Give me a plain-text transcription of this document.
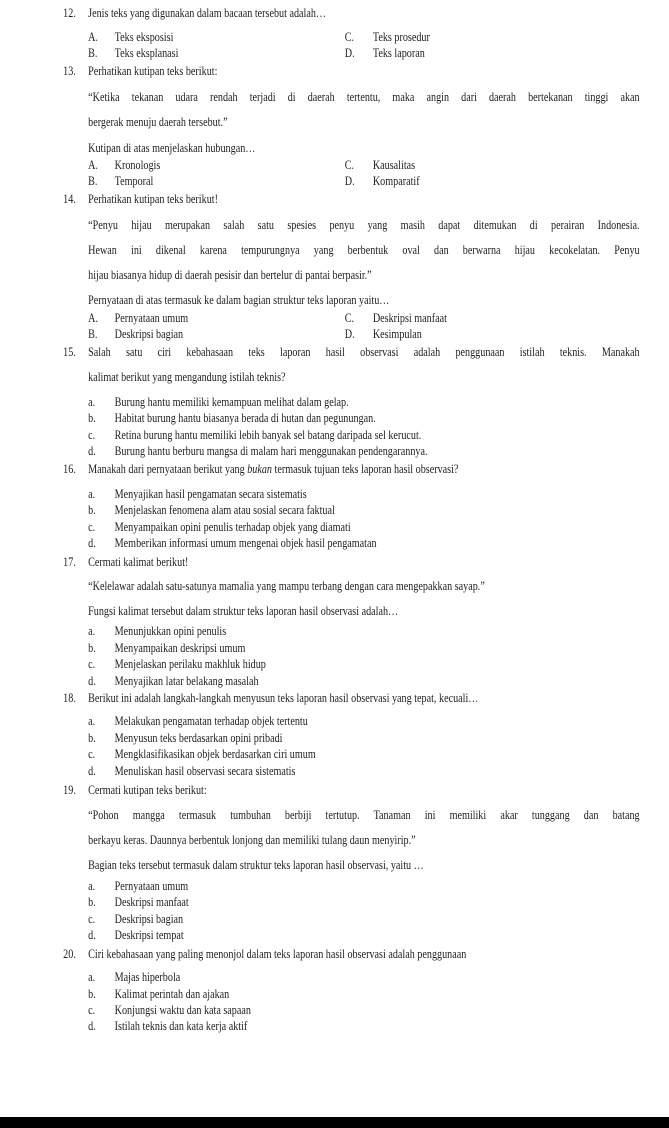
12. Jenis teks yang digunakan dalam bacaan tersebut adalah…
A. Teks eksposisi	C. Teks prosedur
B. Teks eksplanasi	D. Teks laporan
13. Perhatikan kutipan teks berikut:
“Ketika tekanan udara rendah terjadi di daerah tertentu, maka angin dari daerah bertekanan tinggi akan
bergerak menuju daerah tersebut.”
Kutipan di atas menjelaskan hubungan…
A. Kronologis	C. Kausalitas
B. Temporal	D. Komparatif
14. Perhatikan kutipan teks berikut!
“Penyu hijau merupakan salah satu spesies penyu yang masih dapat ditemukan di perairan Indonesia.
Hewan ini dikenal karena tempurungnya yang berbentuk oval dan berwarna hijau kecokelatan. Penyu
hijau biasanya hidup di daerah pesisir dan bertelur di pantai berpasir.”
Pernyataan di atas termasuk ke dalam bagian struktur teks laporan yaitu…
A. Pernyataan umum	C. Deskripsi manfaat
B. Deskripsi bagian	D. Kesimpulan
15. Salah satu ciri kebahasaan teks laporan hasil observasi adalah penggunaan istilah teknis. Manakah
kalimat berikut yang mengandung istilah teknis?
a. Burung hantu memiliki kemampuan melihat dalam gelap.
b. Habitat burung hantu biasanya berada di hutan dan pegunungan.
c. Retina burung hantu memiliki lebih banyak sel batang daripada sel kerucut.
d. Burung hantu berburu mangsa di malam hari menggunakan pendengarannya.
16. Manakah dari pernyataan berikut yang bukan termasuk tujuan teks laporan hasil observasi?
a. Menyajikan hasil pengamatan secara sistematis
b. Menjelaskan fenomena alam atau sosial secara faktual
c. Menyampaikan opini penulis terhadap objek yang diamati
d. Memberikan informasi umum mengenai objek hasil pengamatan
17. Cermati kalimat berikut!
“Kelelawar adalah satu-satunya mamalia yang mampu terbang dengan cara mengepakkan sayap.”
Fungsi kalimat tersebut dalam struktur teks laporan hasil observasi adalah…
a. Menunjukkan opini penulis
b. Menyampaikan deskripsi umum
c. Menjelaskan perilaku makhluk hidup
d. Menyajikan latar belakang masalah
18. Berikut ini adalah langkah-langkah menyusun teks laporan hasil observasi yang tepat, kecuali…
a. Melakukan pengamatan terhadap objek tertentu
b. Menyusun teks berdasarkan opini pribadi
c. Mengklasifikasikan objek berdasarkan ciri umum
d. Menuliskan hasil observasi secara sistematis
19. Cermati kutipan teks berikut:
“Pohon mangga termasuk tumbuhan berbiji tertutup. Tanaman ini memiliki akar tunggang dan batang
berkayu keras. Daunnya berbentuk lonjong dan memiliki tulang daun menyirip.”
Bagian teks tersebut termasuk dalam struktur teks laporan hasil observasi, yaitu …
a. Pernyataan umum
b. Deskripsi manfaat
c. Deskripsi bagian
d. Deskripsi tempat
20. Ciri kebahasaan yang paling menonjol dalam teks laporan hasil observasi adalah penggunaan
a. Majas hiperbola
b. Kalimat perintah dan ajakan
c. Konjungsi waktu dan kata sapaan
d. Istilah teknis dan kata kerja aktif
